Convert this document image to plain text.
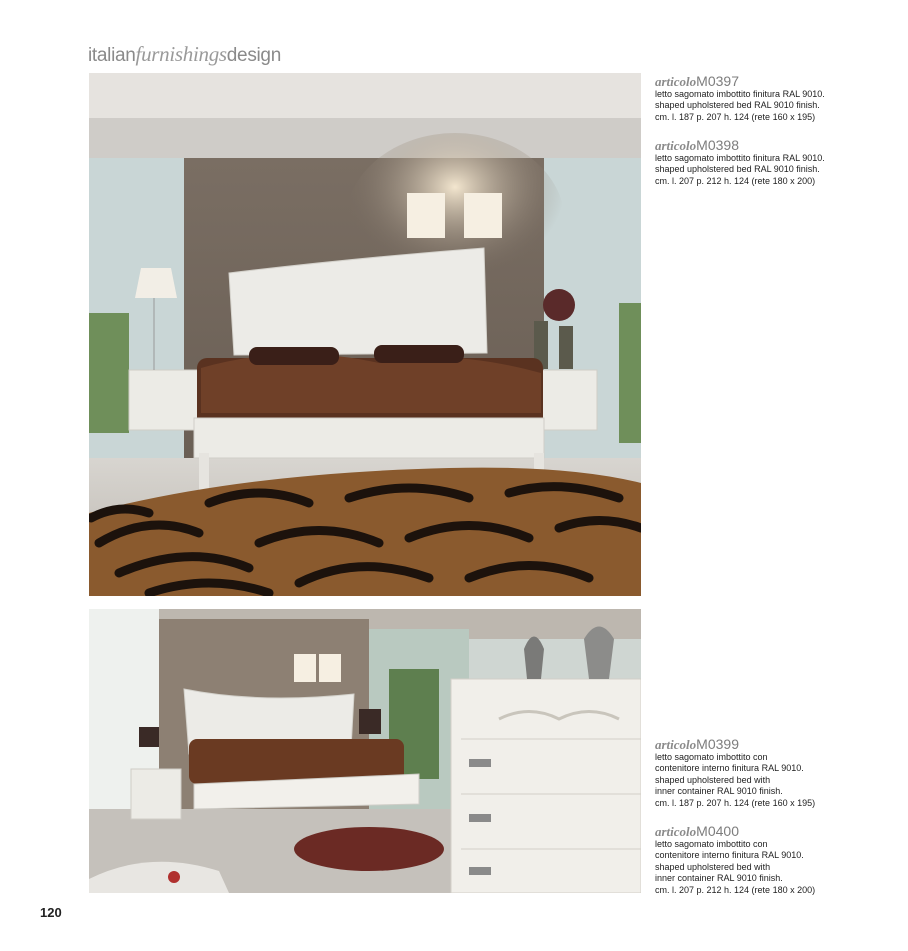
italianfurnishingsdesign
articoloM0397
letto sagomato imbottito finitura RAL 9010.
shaped upholstered bed RAL 9010 finish.
cm. l. 187 p. 207 h. 124 (rete 160 x 195)
articoloM0398
letto sagomato imbottito finitura RAL 9010.
shaped upholstered bed RAL 9010 finish.
cm. l. 207 p. 212 h. 124 (rete 180 x 200)
articoloM0399
letto sagomato imbottito con
contenitore interno finitura RAL 9010.
shaped upholstered bed with
inner container RAL 9010 finish.
cm. l. 187 p. 207 h. 124 (rete 160 x 195)
articoloM0400
letto sagomato imbottito con
contenitore interno finitura RAL 9010.
shaped upholstered bed with
inner container RAL 9010 finish.
cm. l. 207 p. 212 h. 124 (rete 180 x 200)
120
